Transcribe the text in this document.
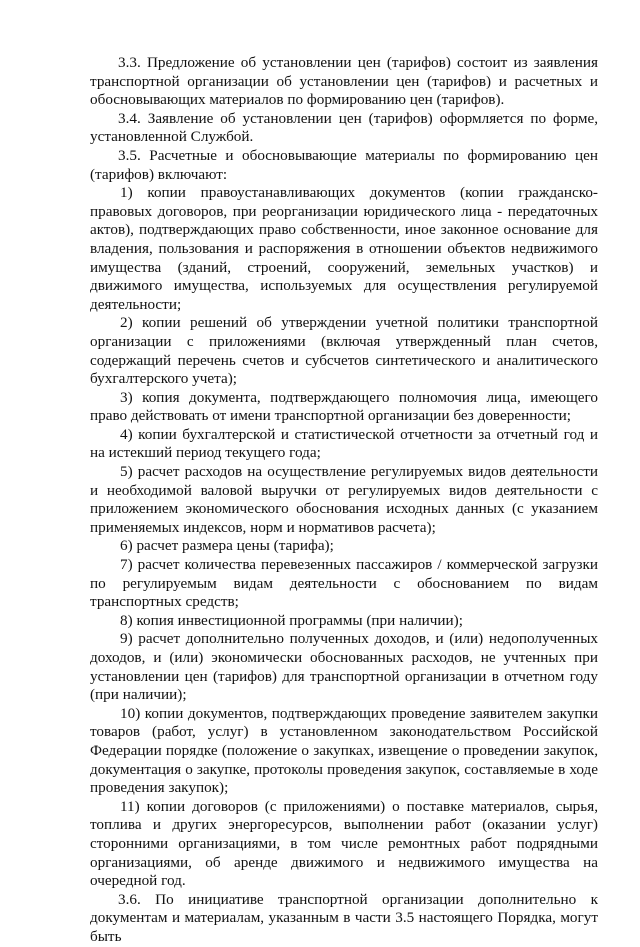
3.3. Предложение об установлении цен (тарифов) состоит из заявления транспортной организации об установлении цен (тарифов) и расчетных и обосновывающих материалов по формированию цен (тарифов).

3.4. Заявление об установлении цен (тарифов) оформляется по форме, установленной Службой.

3.5. Расчетные и обосновывающие материалы по формированию цен (тарифов) включают:

1) копии правоустанавливающих документов (копии гражданско-правовых договоров, при реорганизации юридического лица - передаточных актов), подтверждающих право собственности, иное законное основание для владения, пользования и распоряжения в отношении объектов недвижимого имущества (зданий, строений, сооружений, земельных участков) и движимого имущества, используемых для осуществления регулируемой деятельности;

2) копии решений об утверждении учетной политики транспортной организации с приложениями (включая утвержденный план счетов, содержащий перечень счетов и субсчетов синтетического и аналитического бухгалтерского учета);

3) копия документа, подтверждающего полномочия лица, имеющего право действовать от имени транспортной организации без доверенности;

4) копии бухгалтерской и статистической отчетности за отчетный год и на истекший период текущего года;

5) расчет расходов на осуществление регулируемых видов деятельности и необходимой валовой выручки от регулируемых видов деятельности с приложением экономического обоснования исходных данных (с указанием применяемых индексов, норм и нормативов расчета);

6) расчет размера цены (тарифа);

7) расчет количества перевезенных пассажиров / коммерческой загрузки по регулируемым видам деятельности с обоснованием по видам транспортных средств;

8) копия инвестиционной программы (при наличии);

9) расчет дополнительно полученных доходов, и (или) недополученных доходов, и (или) экономически обоснованных расходов, не учтенных при установлении цен (тарифов) для транспортной организации в отчетном году (при наличии);

10) копии документов, подтверждающих проведение заявителем закупки товаров (работ, услуг) в установленном законодательством Российской Федерации порядке (положение о закупках, извещение о проведении закупок, документация о закупке, протоколы проведения закупок, составляемые в ходе проведения закупок);

11) копии договоров (с приложениями) о поставке материалов, сырья, топлива и других энергоресурсов, выполнении работ (оказании услуг) сторонними организациями, в том числе ремонтных работ подрядными организациями, об аренде движимого и недвижимого имущества на очередной год.

3.6. По инициативе транспортной организации дополнительно к документам и материалам, указанным в части 3.5 настоящего Порядка, могут быть
